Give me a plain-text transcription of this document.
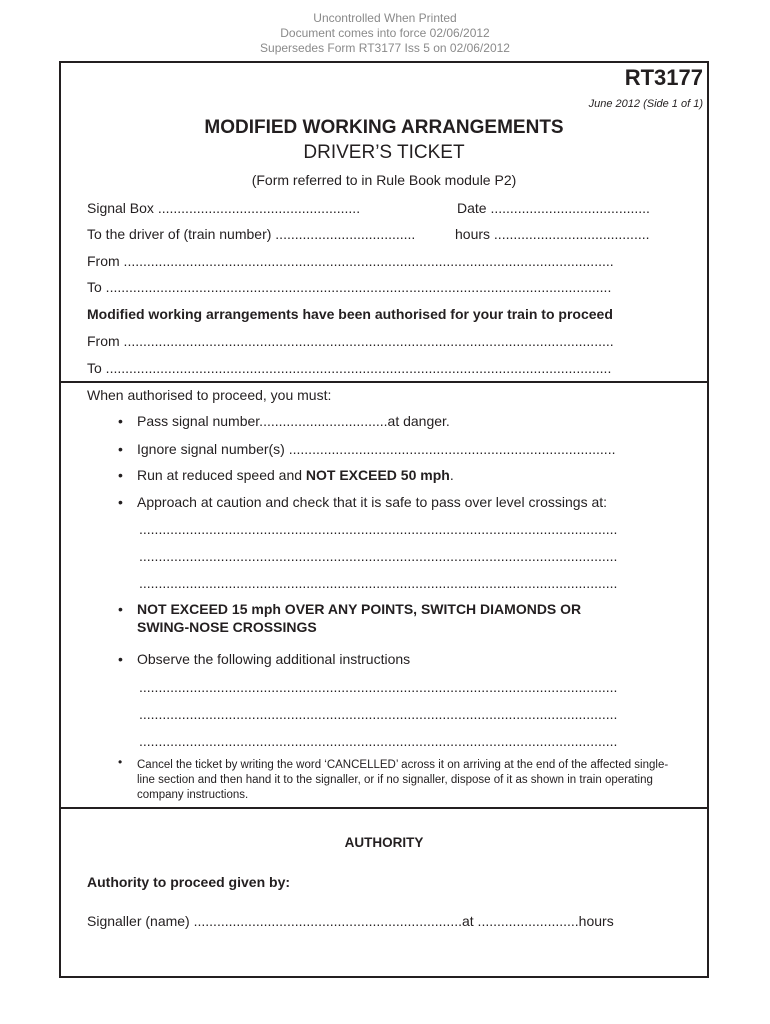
Uncontrolled When Printed
Document comes into force 02/06/2012
Supersedes Form RT3177 Iss 5 on 02/06/2012
RT3177
June 2012 (Side 1 of 1)
MODIFIED WORKING ARRANGEMENTS
DRIVER’S TICKET
(Form referred to in Rule Book module P2)
Signal Box ....................................................	Date .........................................
To the driver of (train number) ....................................	hours ........................................
From ..............................................................................................................................
To ..................................................................................................................................
Modified working arrangements have been authorised for your train to proceed
From ..............................................................................................................................
To ..................................................................................................................................
When authorised to proceed, you must:
• Pass signal number.................................at danger.
• Ignore signal number(s) ....................................................................................
• Run at reduced speed and NOT EXCEED 50 mph.
• Approach at caution and check that it is safe to pass over level crossings at:
...........................................................................................................................
...........................................................................................................................
...........................................................................................................................
• NOT EXCEED 15 mph OVER ANY POINTS, SWITCH DIAMONDS OR
SWING-NOSE CROSSINGS
• Observe the following additional instructions
...........................................................................................................................
...........................................................................................................................
...........................................................................................................................
• Cancel the ticket by writing the word ‘CANCELLED’ across it on arriving at the end of the affected single-line section and then hand it to the signaller, or if no signaller, dispose of it as shown in train operating company instructions.
AUTHORITY
Authority to proceed given by:
Signaller (name) .....................................................................at ..........................hours
